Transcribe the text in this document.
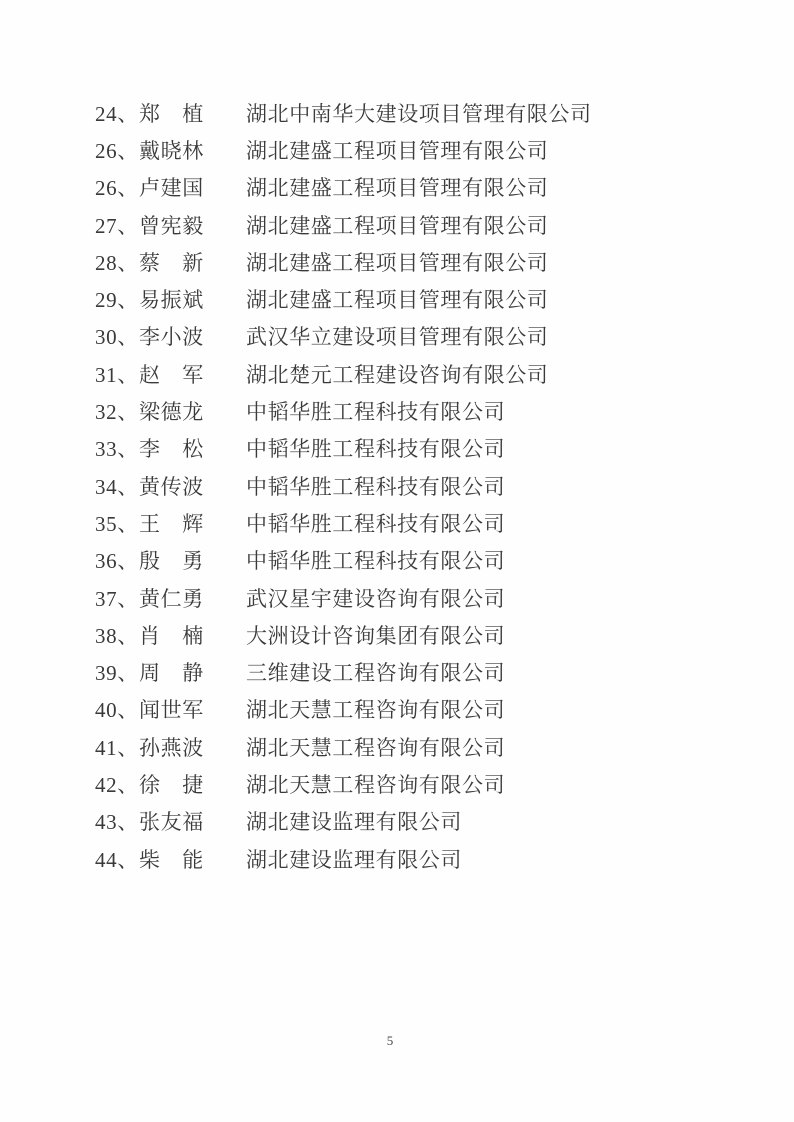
24、 郑　植	湖北中南华大建设项目管理有限公司
26、 戴晓林	湖北建盛工程项目管理有限公司
26、 卢建国	湖北建盛工程项目管理有限公司
27、 曾宪毅	湖北建盛工程项目管理有限公司
28、 蔡　新	湖北建盛工程项目管理有限公司
29、 易振斌	湖北建盛工程项目管理有限公司
30、 李小波	武汉华立建设项目管理有限公司
31、 赵　军	湖北楚元工程建设咨询有限公司
32、 梁德龙	中韬华胜工程科技有限公司
33、 李　松	中韬华胜工程科技有限公司
34、 黄传波	中韬华胜工程科技有限公司
35、 王　辉	中韬华胜工程科技有限公司
36、 殷　勇	中韬华胜工程科技有限公司
37、 黄仁勇	武汉星宇建设咨询有限公司
38、 肖　楠	大洲设计咨询集团有限公司
39、 周　静	三维建设工程咨询有限公司
40、 闻世军	湖北天慧工程咨询有限公司
41、 孙燕波	湖北天慧工程咨询有限公司
42、 徐　捷	湖北天慧工程咨询有限公司
43、 张友福	湖北建设监理有限公司
44、 柴　能	湖北建设监理有限公司
5
